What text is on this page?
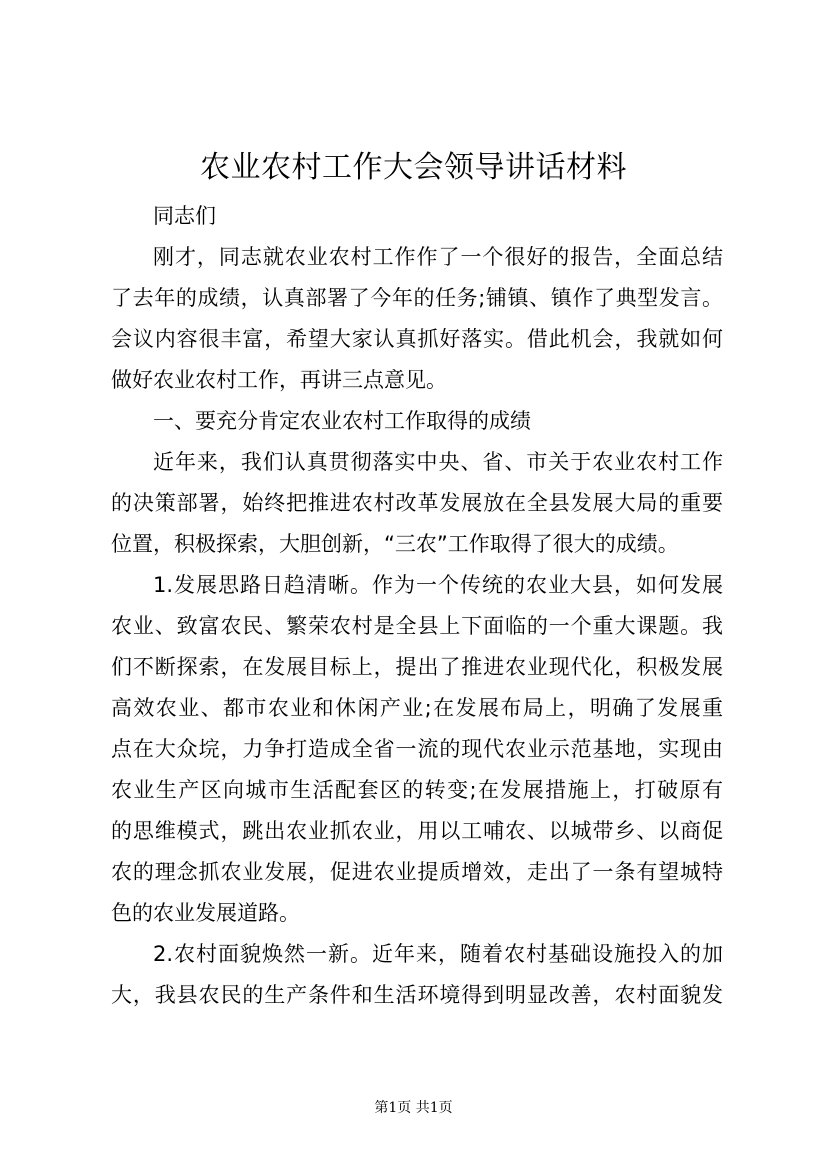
农业农村工作大会领导讲话材料
同志们
刚才，同志就农业农村工作作了一个很好的报告，全面总结
了去年的成绩，认真部署了今年的任务;铺镇、镇作了典型发言。
会议内容很丰富，希望大家认真抓好落实。借此机会，我就如何
做好农业农村工作，再讲三点意见。
一、要充分肯定农业农村工作取得的成绩
近年来，我们认真贯彻落实中央、省、市关于农业农村工作
的决策部署，始终把推进农村改革发展放在全县发展大局的重要
位置，积极探索，大胆创新，“三农”工作取得了很大的成绩。
1.发展思路日趋清晰。作为一个传统的农业大县，如何发展
农业、致富农民、繁荣农村是全县上下面临的一个重大课题。我
们不断探索，在发展目标上，提出了推进农业现代化，积极发展
高效农业、都市农业和休闲产业;在发展布局上，明确了发展重
点在大众垸，力争打造成全省一流的现代农业示范基地，实现由
农业生产区向城市生活配套区的转变;在发展措施上，打破原有
的思维模式，跳出农业抓农业，用以工哺农、以城带乡、以商促
农的理念抓农业发展，促进农业提质增效，走出了一条有望城特
色的农业发展道路。
2.农村面貌焕然一新。近年来，随着农村基础设施投入的加
大，我县农民的生产条件和生活环境得到明显改善，农村面貌发
第1页 共1页
